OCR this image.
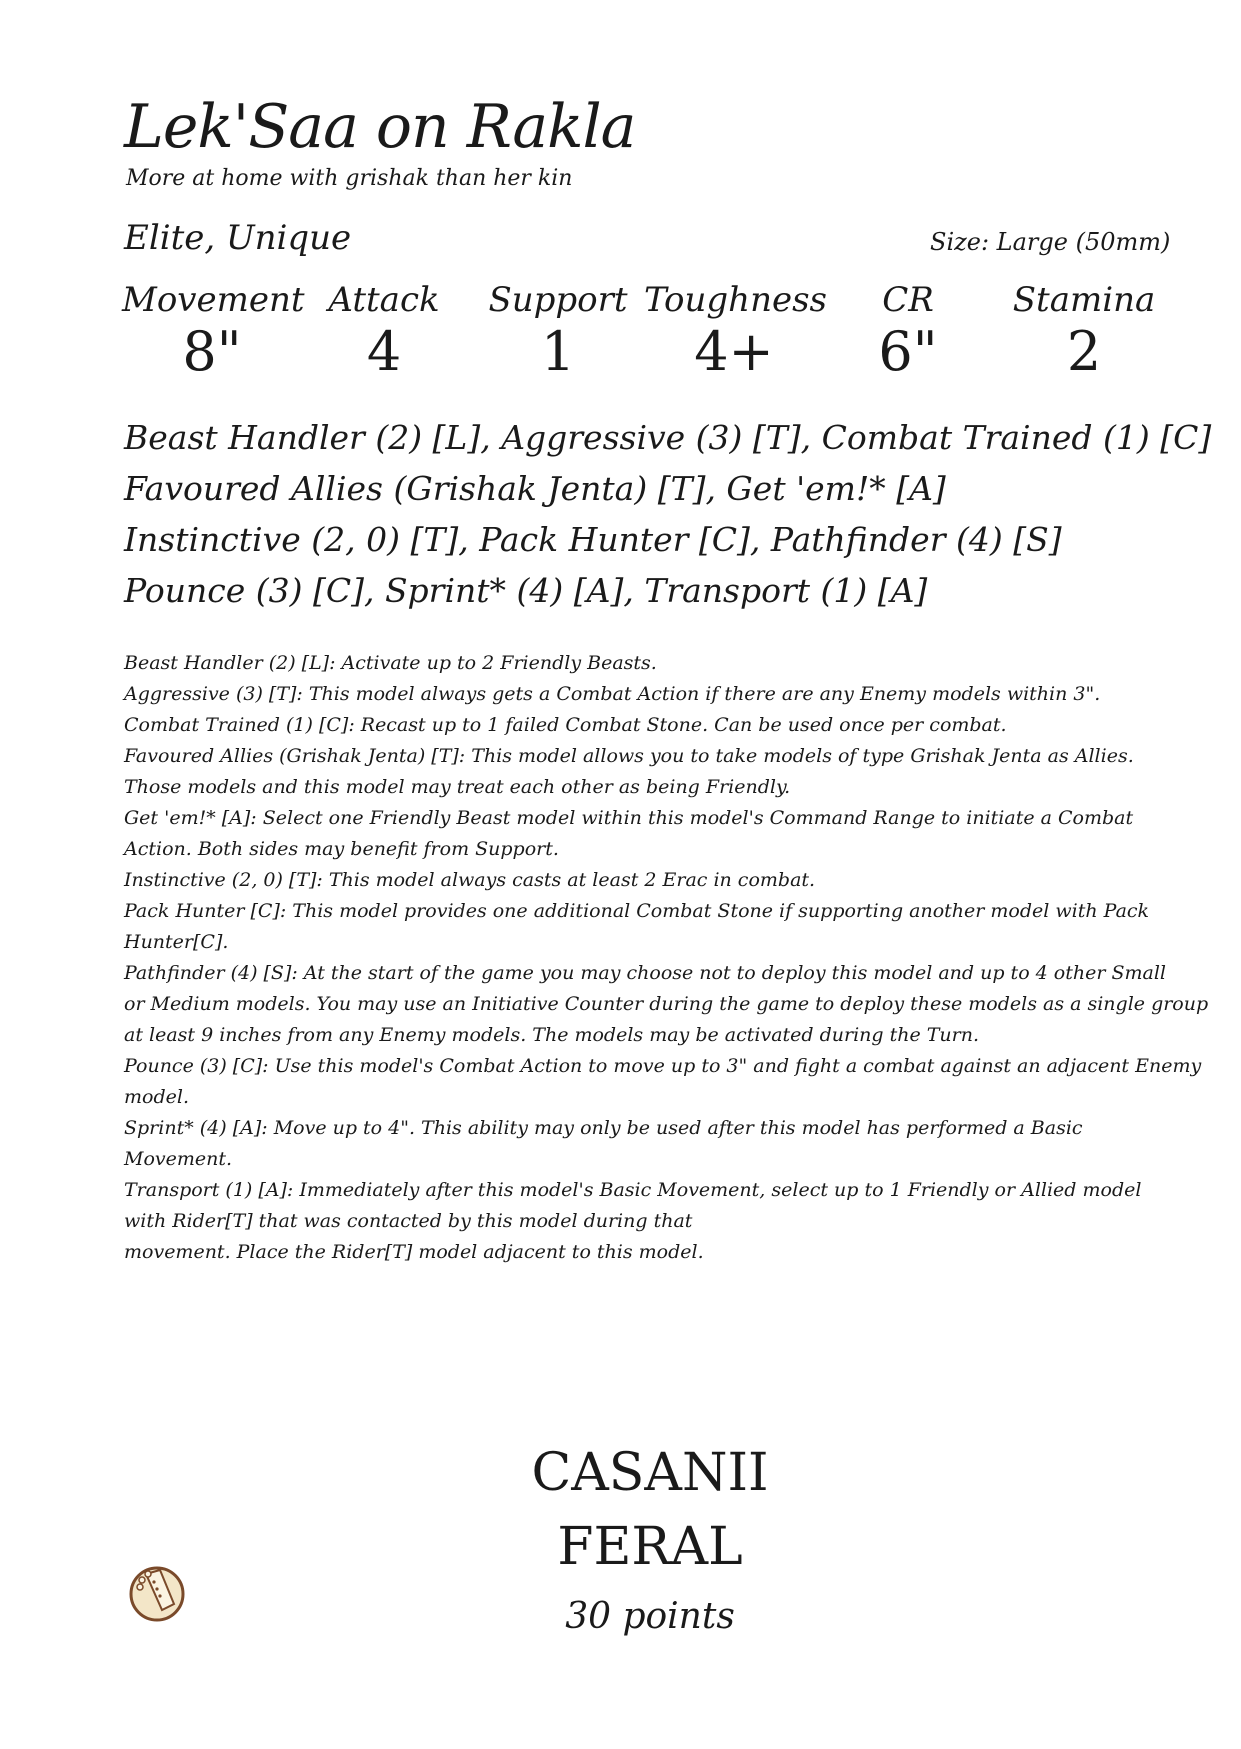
Lek'Saa on Rakla
More at home with grishak than her kin
Elite, Unique	Size: Large (50mm)
Movement
8"
Attack
4
Support
1
Toughness
4+
CR
6"
Stamina
2
Beast Handler (2) [L], Aggressive (3) [T], Combat Trained (1) [C]
Favoured Allies (Grishak Jenta) [T], Get 'em!* [A]
Instinctive (2, 0) [T], Pack Hunter [C], Pathfinder (4) [S]
Pounce (3) [C], Sprint* (4) [A], Transport (1) [A]
Beast Handler (2) [L]: Activate up to 2 Friendly Beasts.
Aggressive (3) [T]: This model always gets a Combat Action if there are any Enemy models within 3".
Combat Trained (1) [C]: Recast up to 1 failed Combat Stone. Can be used once per combat.
Favoured Allies (Grishak Jenta) [T]: This model allows you to take models of type Grishak Jenta as Allies.
Those models and this model may treat each other as being Friendly.
Get 'em!* [A]: Select one Friendly Beast model within this model's Command Range to initiate a Combat
Action. Both sides may benefit from Support.
Instinctive (2, 0) [T]: This model always casts at least 2 Erac in combat.
Pack Hunter [C]: This model provides one additional Combat Stone if supporting another model with Pack
Hunter[C].
Pathfinder (4) [S]: At the start of the game you may choose not to deploy this model and up to 4 other Small
or Medium models. You may use an Initiative Counter during the game to deploy these models as a single group
at least 9 inches from any Enemy models. The models may be activated during the Turn.
Pounce (3) [C]: Use this model's Combat Action to move up to 3" and fight a combat against an adjacent Enemy
model.
Sprint* (4) [A]: Move up to 4". This ability may only be used after this model has performed a Basic
Movement.
Transport (1) [A]: Immediately after this model's Basic Movement, select up to 1 Friendly or Allied model
with Rider[T] that was contacted by this model during that
movement. Place the Rider[T] model adjacent to this model.
CASANII
FERAL
30 points
